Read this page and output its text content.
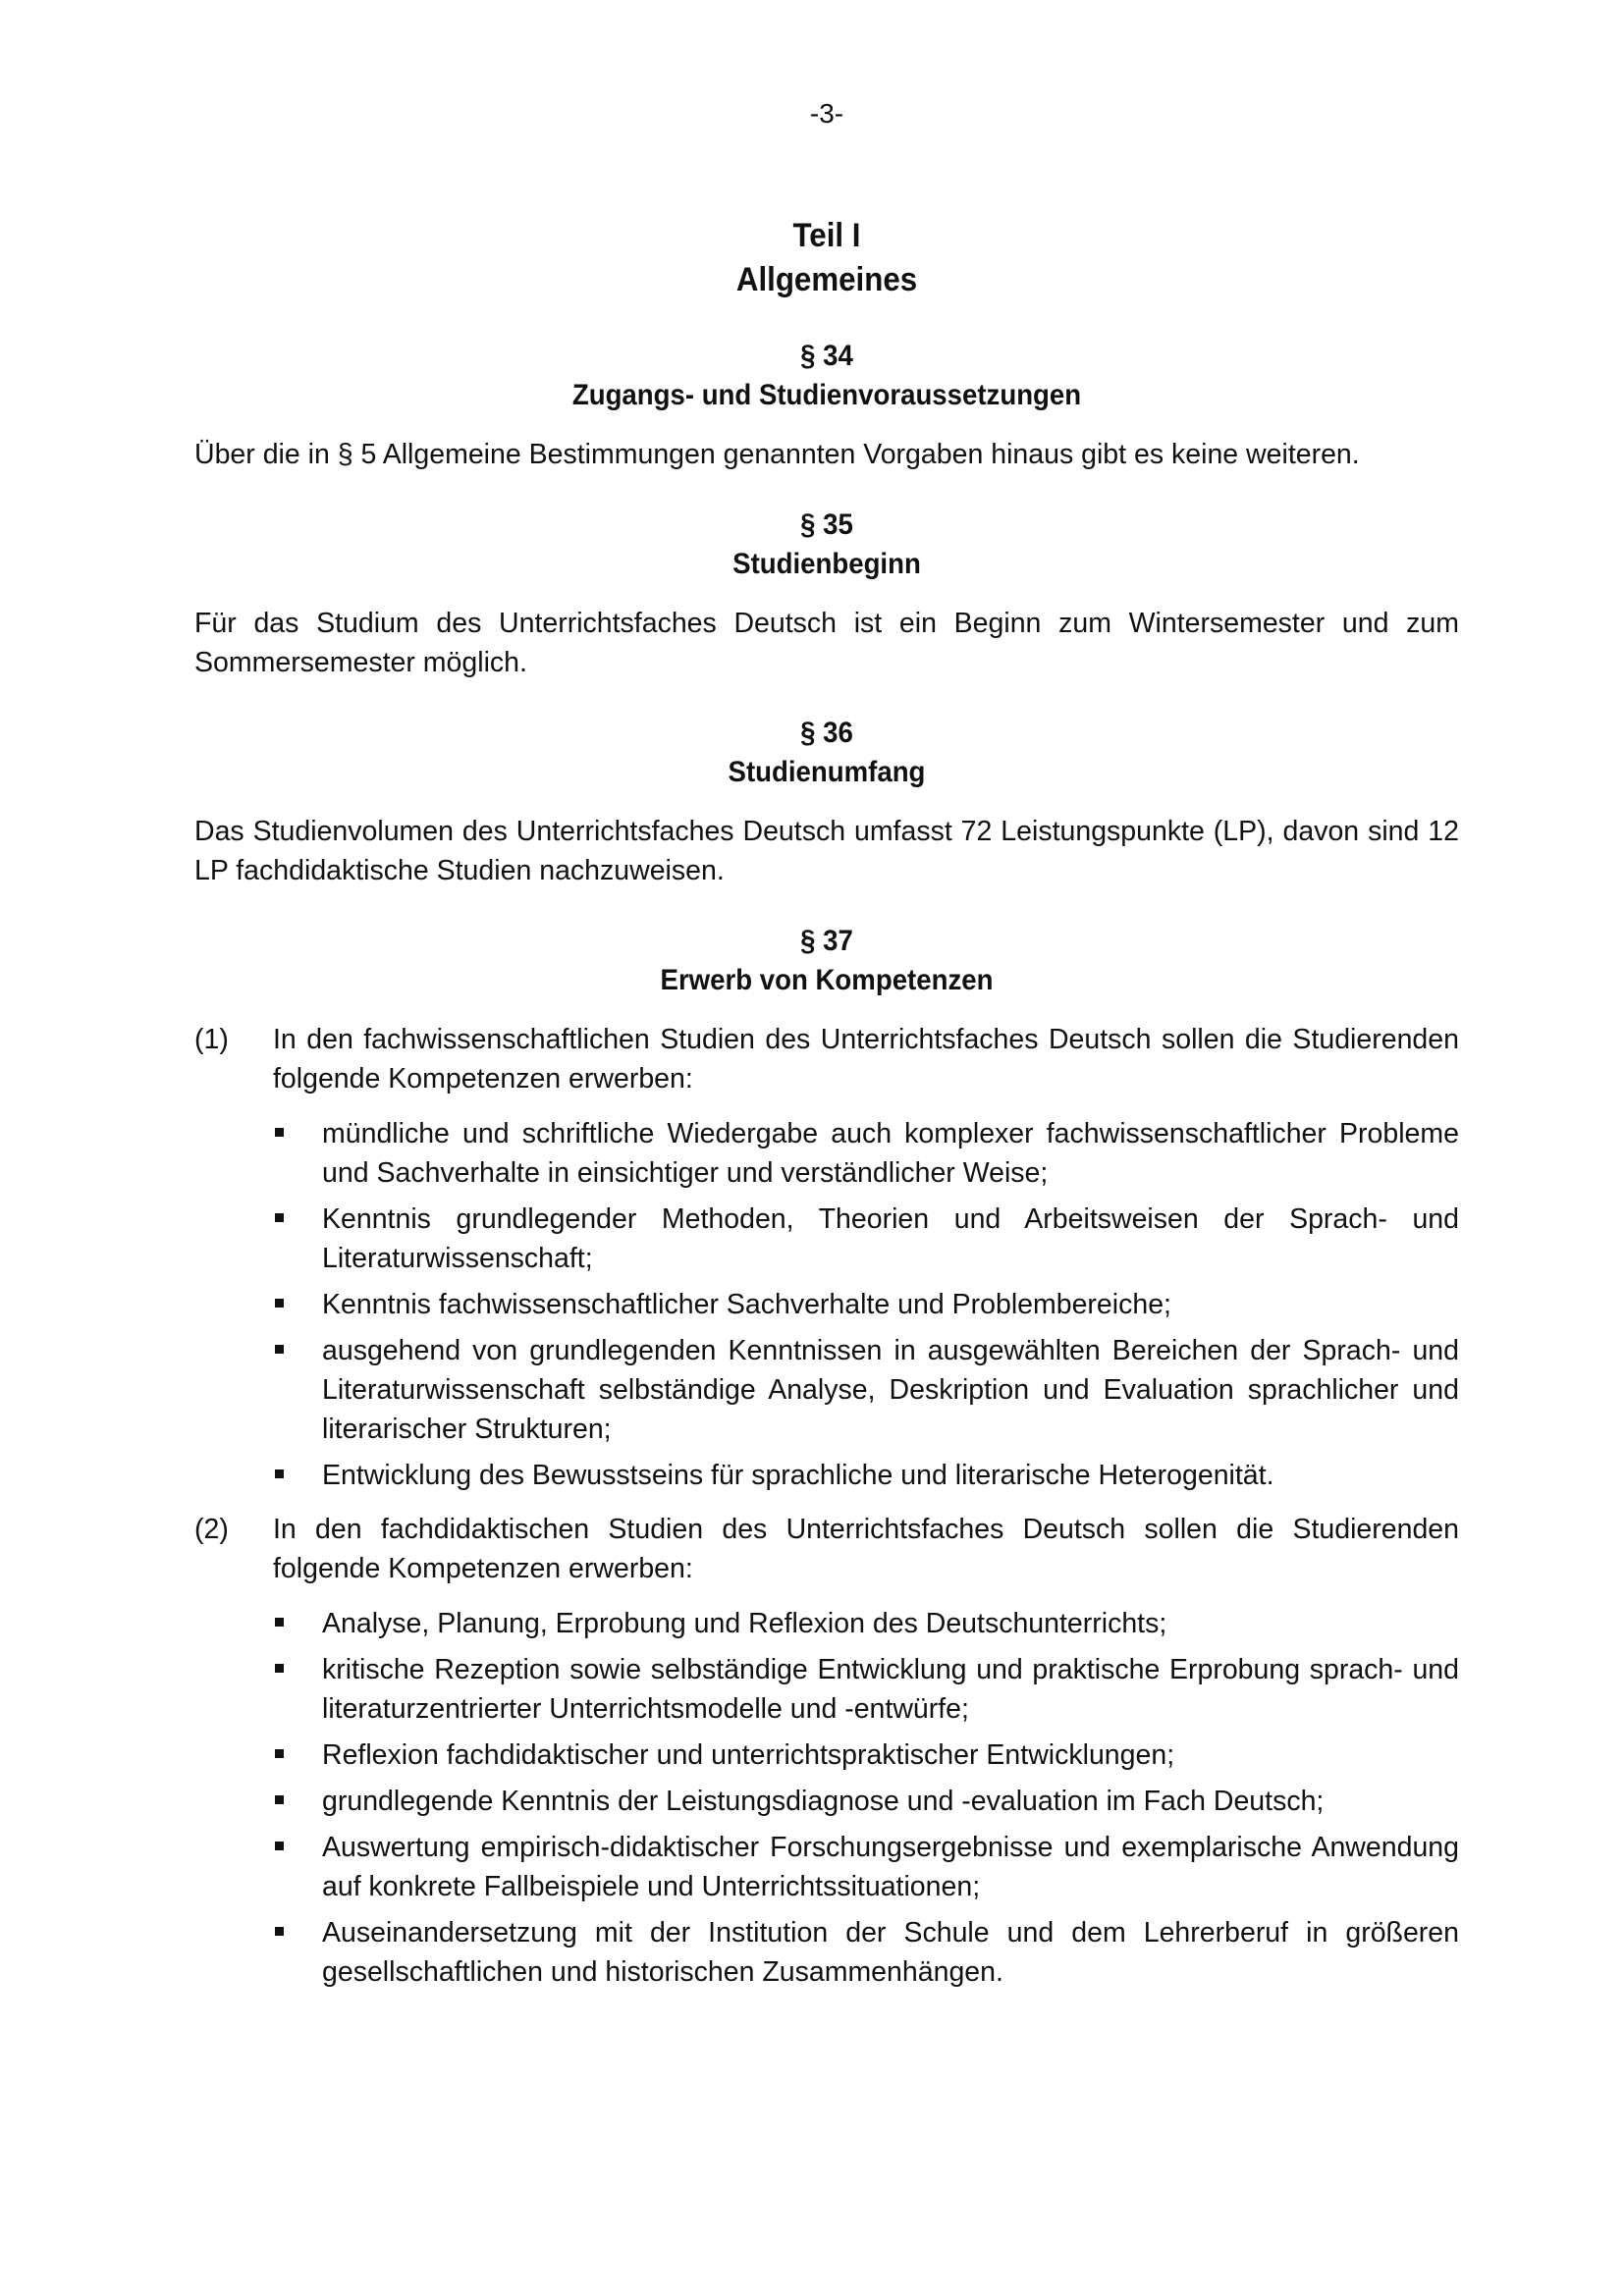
-3-
Teil I
Allgemeines
§ 34
Zugangs- und Studienvoraussetzungen
Über die in § 5 Allgemeine Bestimmungen genannten Vorgaben hinaus gibt es keine weiteren.
§ 35
Studienbeginn
Für das Studium des Unterrichtsfaches Deutsch ist ein Beginn zum Wintersemester und zum Sommersemester möglich.
§ 36
Studienumfang
Das Studienvolumen des Unterrichtsfaches Deutsch umfasst 72 Leistungspunkte (LP), davon sind 12 LP fachdidaktische Studien nachzuweisen.
§ 37
Erwerb von Kompetenzen
(1)	In den fachwissenschaftlichen Studien des Unterrichtsfaches Deutsch sollen die Studierenden folgende Kompetenzen erwerben:
mündliche und schriftliche Wiedergabe auch komplexer fachwissenschaftlicher Probleme und Sachverhalte in einsichtiger und verständlicher Weise;
Kenntnis grundlegender Methoden, Theorien und Arbeitsweisen der Sprach- und Literaturwissenschaft;
Kenntnis fachwissenschaftlicher Sachverhalte und Problembereiche;
ausgehend von grundlegenden Kenntnissen in ausgewählten Bereichen der Sprach- und Literaturwissenschaft selbständige Analyse, Deskription und Evaluation sprachlicher und literarischer Strukturen;
Entwicklung des Bewusstseins für sprachliche und literarische Heterogenität.
(2)	In den fachdidaktischen Studien des Unterrichtsfaches Deutsch sollen die Studierenden folgende Kompetenzen erwerben:
Analyse, Planung, Erprobung und Reflexion des Deutschunterrichts;
kritische Rezeption sowie selbständige Entwicklung und praktische Erprobung sprach- und literaturzentrierter Unterrichtsmodelle und -entwürfe;
Reflexion fachdidaktischer und unterrichtspraktischer Entwicklungen;
grundlegende Kenntnis der Leistungsdiagnose und -evaluation im Fach Deutsch;
Auswertung empirisch-didaktischer Forschungsergebnisse und exemplarische Anwendung auf konkrete Fallbeispiele und Unterrichtssituationen;
Auseinandersetzung mit der Institution der Schule und dem Lehrerberuf in größeren gesellschaftlichen und historischen Zusammenhängen.
